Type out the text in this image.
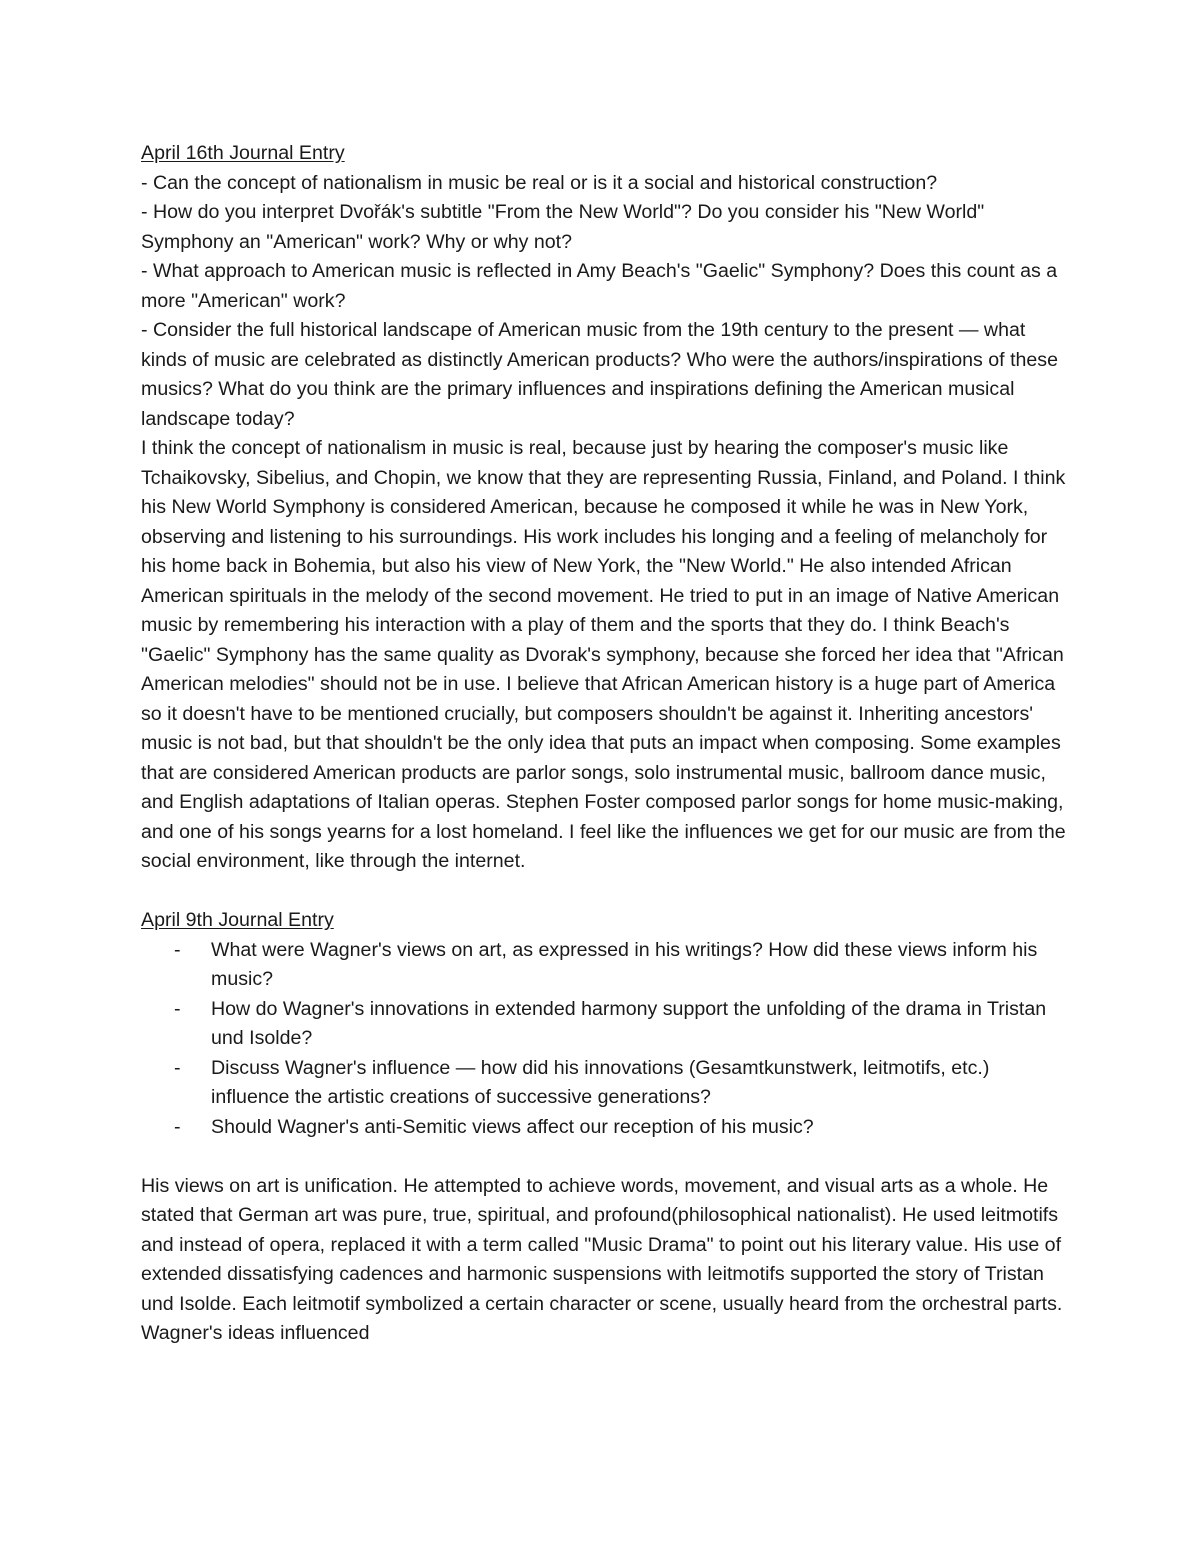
April 16th Journal Entry

- Can the concept of nationalism in music be real or is it a social and historical construction?

- How do you interpret Dvořák's subtitle "From the New World"? Do you consider his "New World" Symphony an "American" work? Why or why not?

- What approach to American music is reflected in Amy Beach's "Gaelic" Symphony? Does this count as a more "American" work?

- Consider the full historical landscape of American music from the 19th century to the present — what kinds of music are celebrated as distinctly American products? Who were the authors/inspirations of these musics? What do you think are the primary influences and inspirations defining the American musical landscape today?

I think the concept of nationalism in music is real, because just by hearing the composer's music like Tchaikovsky, Sibelius, and Chopin, we know that they are representing Russia, Finland, and Poland. I think his New World Symphony is considered American, because he composed it while he was in New York, observing and listening to his surroundings. His work includes his longing and a feeling of melancholy for his home back in Bohemia, but also his view of New York, the "New World." He also intended African American spirituals in the melody of the second movement. He tried to put in an image of Native American music by remembering his interaction with a play of them and the sports that they do. I think Beach's "Gaelic" Symphony has the same quality as Dvorak's symphony, because she forced her idea that "African American melodies" should not be in use. I believe that African American history is a huge part of America so it doesn't have to be mentioned crucially, but composers shouldn't be against it. Inheriting ancestors' music is not bad, but that shouldn't be the only idea that puts an impact when composing. Some examples that are considered American products are parlor songs, solo instrumental music, ballroom dance music, and English adaptations of Italian operas. Stephen Foster composed parlor songs for home music-making, and one of his songs yearns for a lost homeland. I feel like the influences we get for our music are from the social environment, like through the internet.

April 9th Journal Entry

- What were Wagner's views on art, as expressed in his writings? How did these views inform his music?
- How do Wagner's innovations in extended harmony support the unfolding of the drama in Tristan und Isolde?
- Discuss Wagner's influence — how did his innovations (Gesamtkunstwerk, leitmotifs, etc.) influence the artistic creations of successive generations?
- Should Wagner's anti-Semitic views affect our reception of his music?

His views on art is unification. He attempted to achieve words, movement, and visual arts as a whole. He stated that German art was pure, true, spiritual, and profound(philosophical nationalist). He used leitmotifs and instead of opera, replaced it with a term called "Music Drama" to point out his literary value. His use of extended dissatisfying cadences and harmonic suspensions with leitmotifs supported the story of Tristan und Isolde. Each leitmotif symbolized a certain character or scene, usually heard from the orchestral parts. Wagner's ideas influenced
